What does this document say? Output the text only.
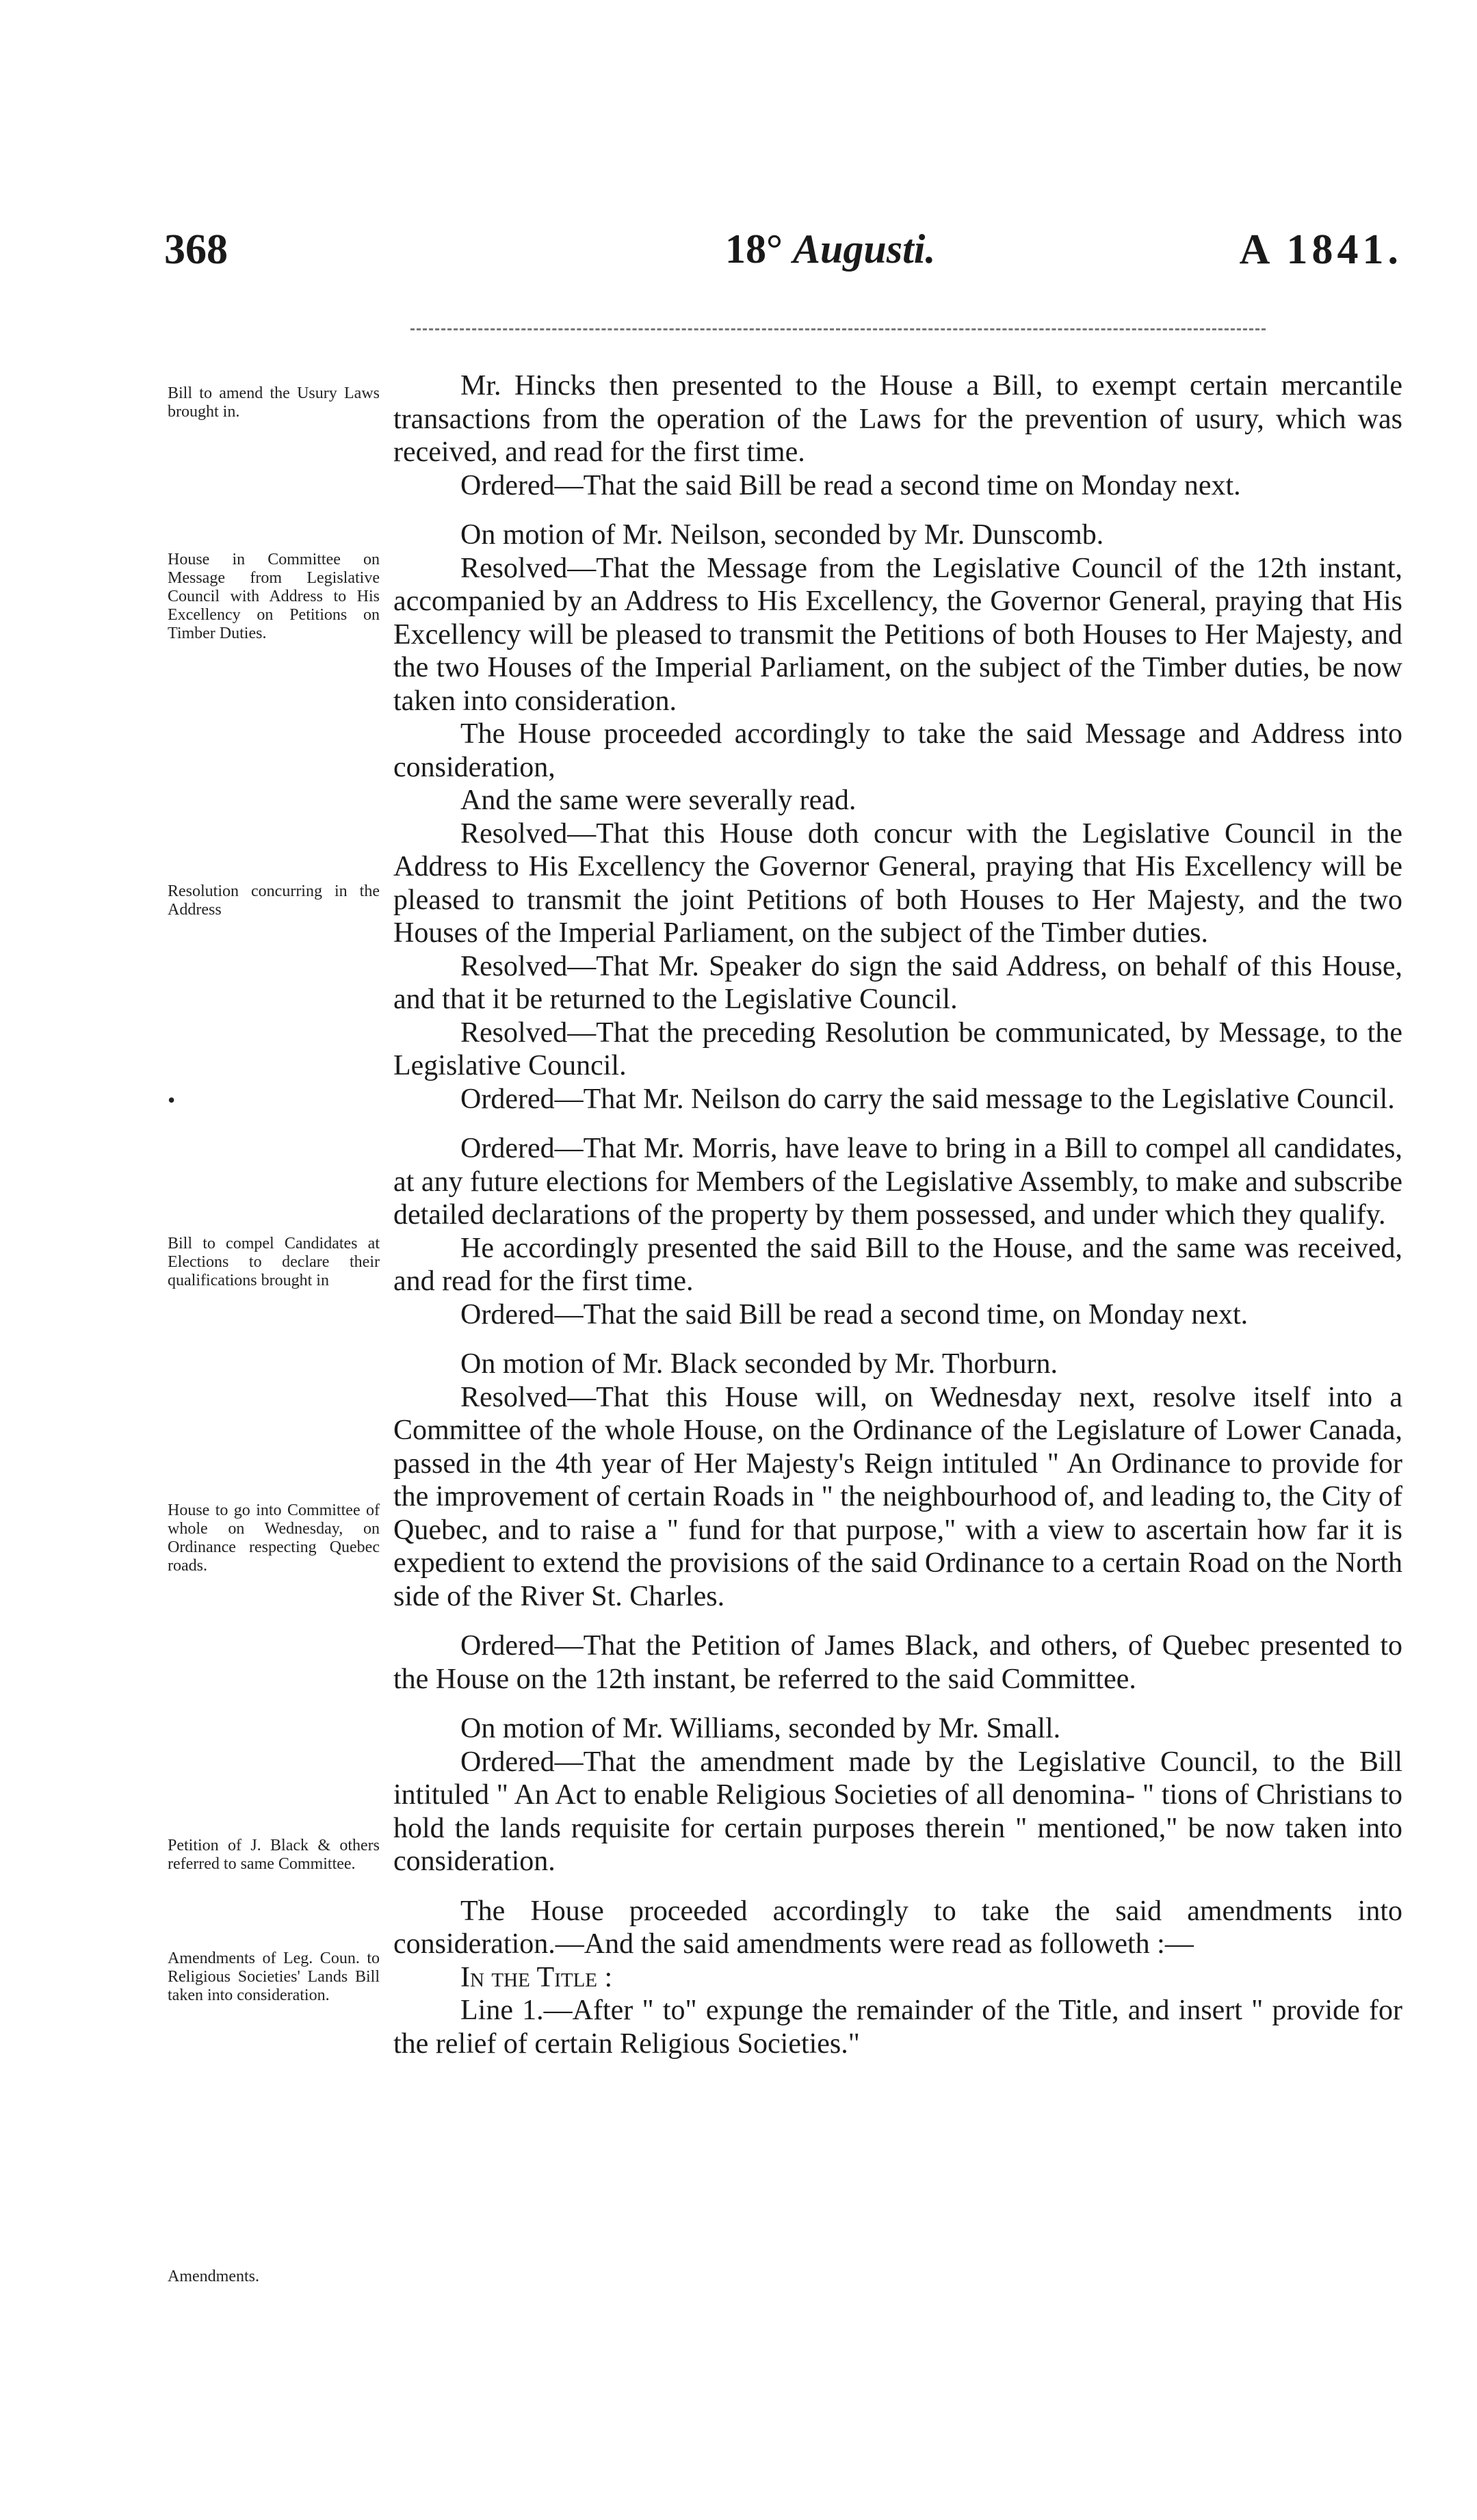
368	18° Augusti.	A 1841.
Bill to amend the Usury Laws brought in.
House in Committee on Message from Legislative Council with Address to His Excellency on Petitions on Timber Duties.
Resolution concurring in the Address
•
Bill to compel Candidates at Elections to declare their qualifications brought in
House to go into Committee of whole on Wednesday, on Ordinance respecting Quebec roads.
Petition of J. Black & others referred to same Committee.
Amendments of Leg. Coun. to Religious Societies' Lands Bill taken into consideration.
Amendments.

Mr. Hincks then presented to the House a Bill, to exempt certain mercantile transactions from the operation of the Laws for the prevention of usury, which was received, and read for the first time.

Ordered—That the said Bill be read a second time on Monday next.

On motion of Mr. Neilson, seconded by Mr. Dunscomb.

Resolved—That the Message from the Legislative Council of the 12th instant, accompanied by an Address to His Excellency, the Governor General, praying that His Excellency will be pleased to transmit the Petitions of both Houses to Her Majesty, and the two Houses of the Imperial Parliament, on the subject of the Timber duties, be now taken into consideration.

The House proceeded accordingly to take the said Message and Address into consideration,

And the same were severally read.

Resolved—That this House doth concur with the Legislative Council in the Address to His Excellency the Governor General, praying that His Excellency will be pleased to transmit the joint Petitions of both Houses to Her Majesty, and the two Houses of the Imperial Parliament, on the subject of the Timber duties.

Resolved—That Mr. Speaker do sign the said Address, on behalf of this House, and that it be returned to the Legislative Council.

Resolved—That the preceding Resolution be communicated, by Message, to the Legislative Council.

Ordered—That Mr. Neilson do carry the said message to the Legislative Council.

Ordered—That Mr. Morris, have leave to bring in a Bill to compel all candidates, at any future elections for Members of the Legislative Assembly, to make and subscribe detailed declarations of the property by them possessed, and under which they qualify.

He accordingly presented the said Bill to the House, and the same was received, and read for the first time.

Ordered—That the said Bill be read a second time, on Monday next.

On motion of Mr. Black seconded by Mr. Thorburn.

Resolved—That this House will, on Wednesday next, resolve itself into a Committee of the whole House, on the Ordinance of the Legislature of Lower Canada, passed in the 4th year of Her Majesty's Reign intituled " An Ordinance to provide for the improvement of certain Roads in " the neighbourhood of, and leading to, the City of Quebec, and to raise a " fund for that purpose," with a view to ascertain how far it is expedient to extend the provisions of the said Ordinance to a certain Road on the North side of the River St. Charles.

Ordered—That the Petition of James Black, and others, of Quebec presented to the House on the 12th instant, be referred to the said Committee.

On motion of Mr. Williams, seconded by Mr. Small.

Ordered—That the amendment made by the Legislative Council, to the Bill intituled " An Act to enable Religious Societies of all denomina- " tions of Christians to hold the lands requisite for certain purposes therein " mentioned," be now taken into consideration.

The House proceeded accordingly to take the said amendments into consideration.—And the said amendments were read as followeth :—

In the Title :

Line 1.—After " to" expunge the remainder of the Title, and insert " provide for the relief of certain Religious Societies."
